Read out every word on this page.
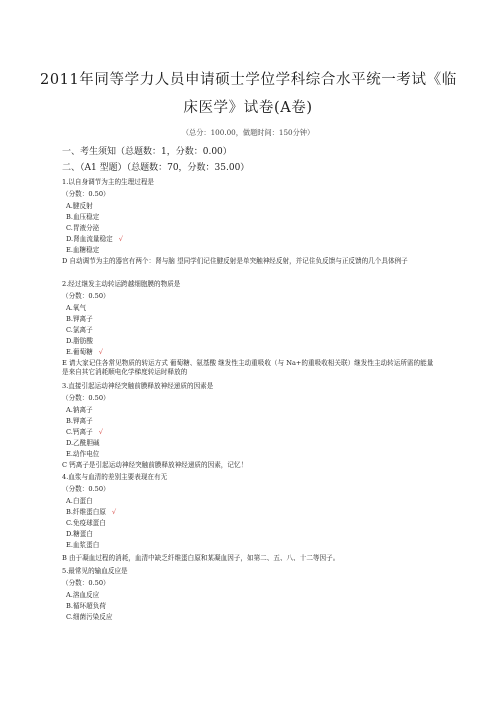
2011年同等学力人员申请硕士学位学科综合水平统一考试《临
床医学》试卷(A卷)
（总分：100.00，做题时间：150分钟）
一、考生须知（总题数：1，分数：0.00）
二、（A1 型题）（总题数：70，分数：35.00）
1.以自身调节为主的生理过程是
（分数：0.50）
A.腱反射
B.血压稳定
C.胃液分泌
D.肾血流量稳定 √
E.血糖稳定
D 自动调节为主的器官有两个：肾与脑 望同学们记住腱反射是单突触神经反射，并记住负反馈与正反馈的几个具体例子
2.经过继发主动转运跨越细胞膜的物质是
（分数：0.50）
A.氧气
B.钾离子
C.氯离子
D.脂肪酸
E.葡萄糖 √
E 请大家记住各常见物质的转运方式 葡萄糖、氨基酸 继发性主动重吸收（与 Na+的重吸收相关联）继发性主动转运所需的能量是来自其它消耗顺电化学梯度转运时释放的
3.直接引起运动神经突触前膜释放神经递质的因素是
（分数：0.50）
A.钠离子
B.钾离子
C.钙离子 √
D.乙酰胆碱
E.动作电位
C 钙离子是引起运动神经突触前膜释放神经递质的因素，记忆！
4.血浆与血清的差别主要表现在有无
（分数：0.50）
A.白蛋白
B.纤维蛋白原 √
C.免疫球蛋白
D.糖蛋白
E.血浆蛋白
B 由于凝血过程的消耗，血清中缺乏纤维蛋白原和某凝血因子，如第二、五、八、十二等因子。
5.最常见的输血反应是
（分数：0.50）
A.溶血反应
B.循环超负荷
C.细菌污染反应
